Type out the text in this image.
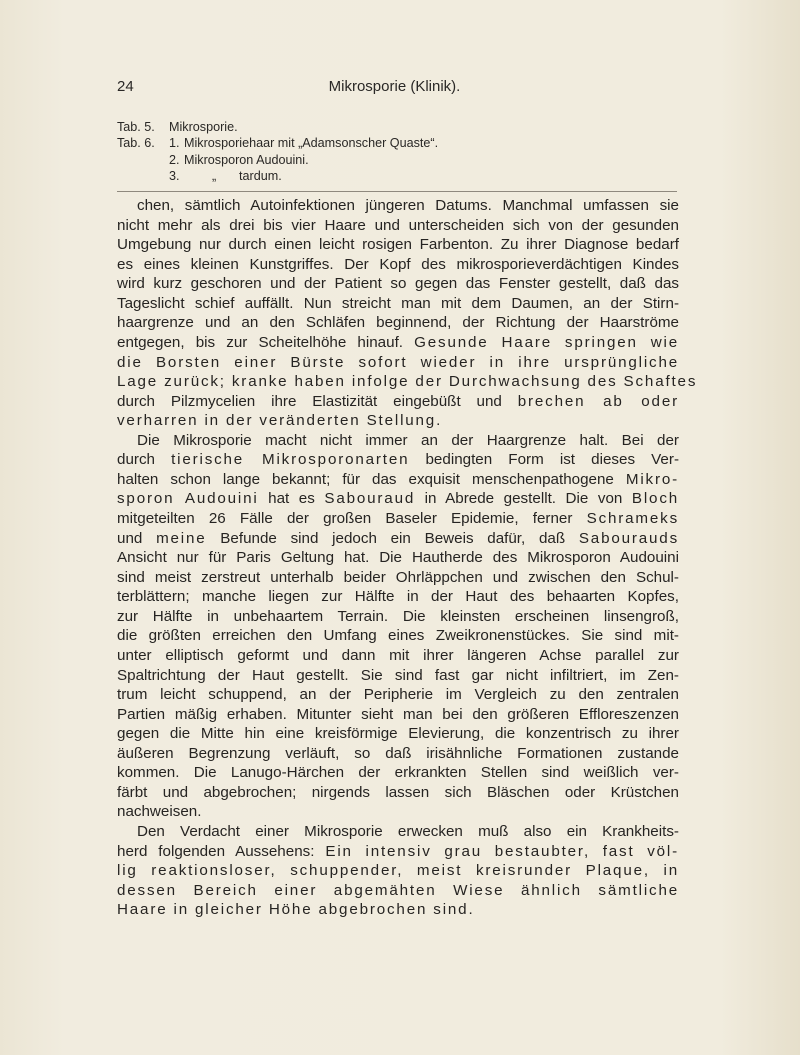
24	Mikrosporie (Klinik).
Tab. 5. Mikrosporie.
Tab. 6. 1. Mikrosporiehaar mit „Adamsonscher Quaste“.
2. Mikrosporon Audouini.
3.	„ tardum.

chen, sämtlich Autoinfektionen jüngeren Datums. Manchmal umfassen sie
nicht mehr als drei bis vier Haare und unterscheiden sich von der gesunden
Umgebung nur durch einen leicht rosigen Farbenton. Zu ihrer Diagnose bedarf
es eines kleinen Kunstgriffes. Der Kopf des mikrosporieverdächtigen Kindes
wird kurz geschoren und der Patient so gegen das Fenster gestellt, daß das
Tageslicht schief auffällt. Nun streicht man mit dem Daumen, an der Stirn-
haargrenze und an den Schläfen beginnend, der Richtung der Haarströme
entgegen, bis zur Scheitelhöhe hinauf. Gesunde Haare springen wie
die Borsten einer Bürste sofort wieder in ihre ursprüngliche
Lage zurück; kranke haben infolge der Durchwachsung des Schaftes
durch Pilzmycelien ihre Elastizität eingebüßt und brechen ab oder
verharren in der veränderten Stellung.

Die Mikrosporie macht nicht immer an der Haargrenze halt. Bei der
durch tierische Mikrosporonarten bedingten Form ist dieses Ver-
halten schon lange bekannt; für das exquisit menschenpathogene Mikro-
sporon Audouini hat es Sabouraud in Abrede gestellt. Die von Bloch
mitgeteilten 26 Fälle der großen Baseler Epidemie, ferner Schrameks
und meine Befunde sind jedoch ein Beweis dafür, daß Sabourauds
Ansicht nur für Paris Geltung hat. Die Hautherde des Mikrosporon Audouini
sind meist zerstreut unterhalb beider Ohrläppchen und zwischen den Schul-
terblättern; manche liegen zur Hälfte in der Haut des behaarten Kopfes,
zur Hälfte in unbehaartem Terrain. Die kleinsten erscheinen linsengroß,
die größten erreichen den Umfang eines Zweikronenstückes. Sie sind mit-
unter elliptisch geformt und dann mit ihrer längeren Achse parallel zur
Spaltrichtung der Haut gestellt. Sie sind fast gar nicht infiltriert, im Zen-
trum leicht schuppend, an der Peripherie im Vergleich zu den zentralen
Partien mäßig erhaben. Mitunter sieht man bei den größeren Effloreszenzen
gegen die Mitte hin eine kreisförmige Elevierung, die konzentrisch zu ihrer
äußeren Begrenzung verläuft, so daß irisähnliche Formationen zustande
kommen. Die Lanugo-Härchen der erkrankten Stellen sind weißlich ver-
färbt und abgebrochen; nirgends lassen sich Bläschen oder Krüstchen
nachweisen.

Den Verdacht einer Mikrosporie erwecken muß also ein Krankheits-
herd folgenden Aussehens: Ein intensiv grau bestaubter, fast völ-
lig reaktionsloser, schuppender, meist kreisrunder Plaque, in
dessen Bereich einer abgemähten Wiese ähnlich sämtliche
Haare in gleicher Höhe abgebrochen sind.
